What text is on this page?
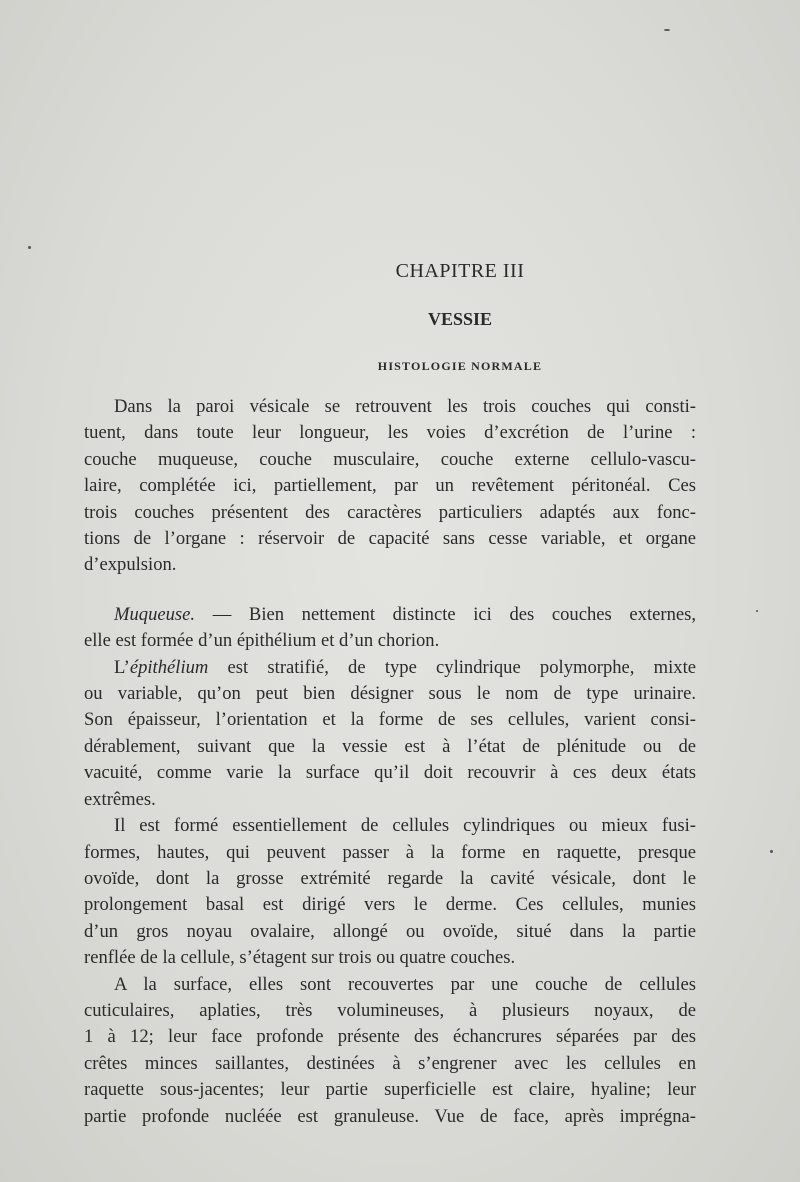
CHAPITRE III
VESSIE
HISTOLOGIE NORMALE

Dans la paroi vésicale se retrouvent les trois couches qui consti-
tuent, dans toute leur longueur, les voies d’excrétion de l’urine :
couche muqueuse, couche musculaire, couche externe cellulo-vascu-
laire, complétée ici, partiellement, par un revêtement péritonéal. Ces
trois couches présentent des caractères particuliers adaptés aux fonc-
tions de l’organe : réservoir de capacité sans cesse variable, et organe
d’expulsion.

Muqueuse. — Bien nettement distincte ici des couches externes,
elle est formée d’un épithélium et d’un chorion.

L’épithélium est stratifié, de type cylindrique polymorphe, mixte
ou variable, qu’on peut bien désigner sous le nom de type urinaire.
Son épaisseur, l’orientation et la forme de ses cellules, varient consi-
dérablement, suivant que la vessie est à l’état de plénitude ou de
vacuité, comme varie la surface qu’il doit recouvrir à ces deux états
extrêmes.

Il est formé essentiellement de cellules cylindriques ou mieux fusi-
formes, hautes, qui peuvent passer à la forme en raquette, presque
ovoïde, dont la grosse extrémité regarde la cavité vésicale, dont le
prolongement basal est dirigé vers le derme. Ces cellules, munies
d’un gros noyau ovalaire, allongé ou ovoïde, situé dans la partie
renflée de la cellule, s’étagent sur trois ou quatre couches.

A la surface, elles sont recouvertes par une couche de cellules
cuticulaires, aplaties, très volumineuses, à plusieurs noyaux, de
1 à 12; leur face profonde présente des échancrures séparées par des
crêtes minces saillantes, destinées à s’engrener avec les cellules en
raquette sous-jacentes; leur partie superficielle est claire, hyaline; leur
partie profonde nucléée est granuleuse. Vue de face, après imprégna-
